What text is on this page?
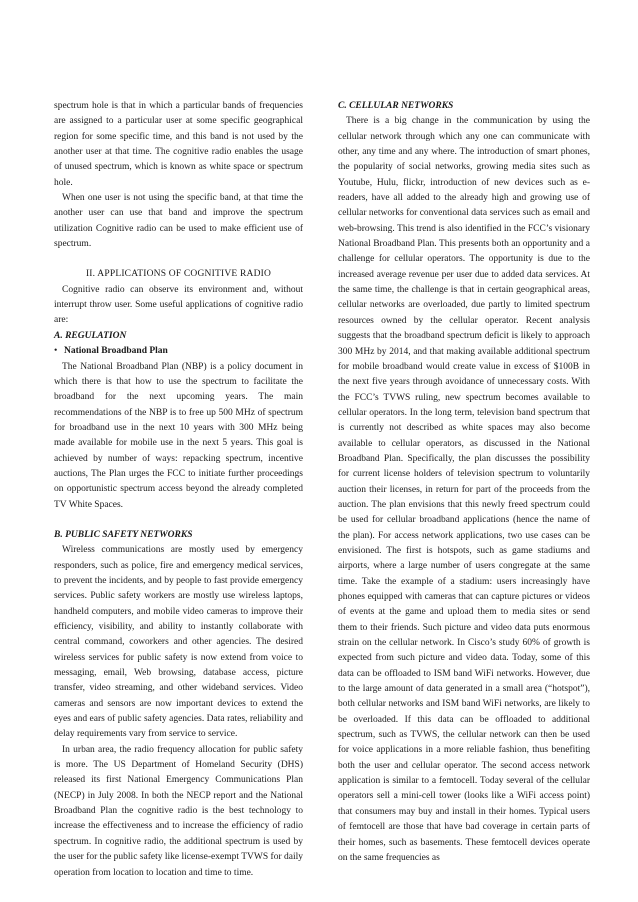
spectrum hole is that in which a particular bands of frequencies are assigned to a particular user at some specific geographical region for some specific time, and this band is not used by the another user at that time. The cognitive radio enables the usage of unused spectrum, which is known as white space or spectrum hole.

When one user is not using the specific band, at that time the another user can use that band and improve the spectrum utilization Cognitive radio can be used to make efficient use of spectrum.

II. APPLICATIONS OF COGNITIVE RADIO

Cognitive radio can observe its environment and, without interrupt throw user. Some useful applications of cognitive radio are:

A. REGULATION
• National Broadband Plan

The National Broadband Plan (NBP) is a policy document in which there is that how to use the spectrum to facilitate the broadband for the next upcoming years. The main recommendations of the NBP is to free up 500 MHz of spectrum for broadband use in the next 10 years with 300 MHz being made available for mobile use in the next 5 years. This goal is achieved by number of ways: repacking spectrum, incentive auctions, The Plan urges the FCC to initiate further proceedings on opportunistic spectrum access beyond the already completed TV White Spaces.

B. PUBLIC SAFETY NETWORKS

Wireless communications are mostly used by emergency responders, such as police, fire and emergency medical services, to prevent the incidents, and by people to fast provide emergency services. Public safety workers are mostly use wireless laptops, handheld computers, and mobile video cameras to improve their efficiency, visibility, and ability to instantly collaborate with central command, coworkers and other agencies. The desired wireless services for public safety is now extend from voice to messaging, email, Web browsing, database access, picture transfer, video streaming, and other wideband services. Video cameras and sensors are now important devices to extend the eyes and ears of public safety agencies. Data rates, reliability and delay requirements vary from service to service.

In urban area, the radio frequency allocation for public safety is more. The US Department of Homeland Security (DHS) released its first National Emergency Communications Plan (NECP) in July 2008. In both the NECP report and the National Broadband Plan the cognitive radio is the best technology to increase the effectiveness and to increase the efficiency of radio spectrum. In cognitive radio, the additional spectrum is used by the user for the public safety like license-exempt TVWS for daily operation from location to location and time to time.

C. CELLULAR NETWORKS

There is a big change in the communication by using the cellular network through which any one can communicate with other, any time and any where. The introduction of smart phones, the popularity of social networks, growing media sites such as Youtube, Hulu, flickr, introduction of new devices such as e-readers, have all added to the already high and growing use of cellular networks for conventional data services such as email and web-browsing. This trend is also identified in the FCC’s visionary National Broadband Plan. This presents both an opportunity and a challenge for cellular operators. The opportunity is due to the increased average revenue per user due to added data services. At the same time, the challenge is that in certain geographical areas, cellular networks are overloaded, due partly to limited spectrum resources owned by the cellular operator. Recent analysis suggests that the broadband spectrum deficit is likely to approach 300 MHz by 2014, and that making available additional spectrum for mobile broadband would create value in excess of $100B in the next five years through avoidance of unnecessary costs. With the FCC’s TVWS ruling, new spectrum becomes available to cellular operators. In the long term, television band spectrum that is currently not described as white spaces may also become available to cellular operators, as discussed in the National Broadband Plan. Specifically, the plan discusses the possibility for current license holders of television spectrum to voluntarily auction their licenses, in return for part of the proceeds from the auction. The plan envisions that this newly freed spectrum could be used for cellular broadband applications (hence the name of the plan). For access network applications, two use cases can be envisioned. The first is hotspots, such as game stadiums and airports, where a large number of users congregate at the same time. Take the example of a stadium: users increasingly have phones equipped with cameras that can capture pictures or videos of events at the game and upload them to media sites or send them to their friends. Such picture and video data puts enormous strain on the cellular network. In Cisco’s study 60% of growth is expected from such picture and video data. Today, some of this data can be offloaded to ISM band WiFi networks. However, due to the large amount of data generated in a small area (“hotspot”), both cellular networks and ISM band WiFi networks, are likely to be overloaded. If this data can be offloaded to additional spectrum, such as TVWS, the cellular network can then be used for voice applications in a more reliable fashion, thus benefiting both the user and cellular operator. The second access network application is similar to a femtocell. Today several of the cellular operators sell a mini-cell tower (looks like a WiFi access point) that consumers may buy and install in their homes. Typical users of femtocell are those that have bad coverage in certain parts of their homes, such as basements. These femtocell devices operate on the same frequencies as
